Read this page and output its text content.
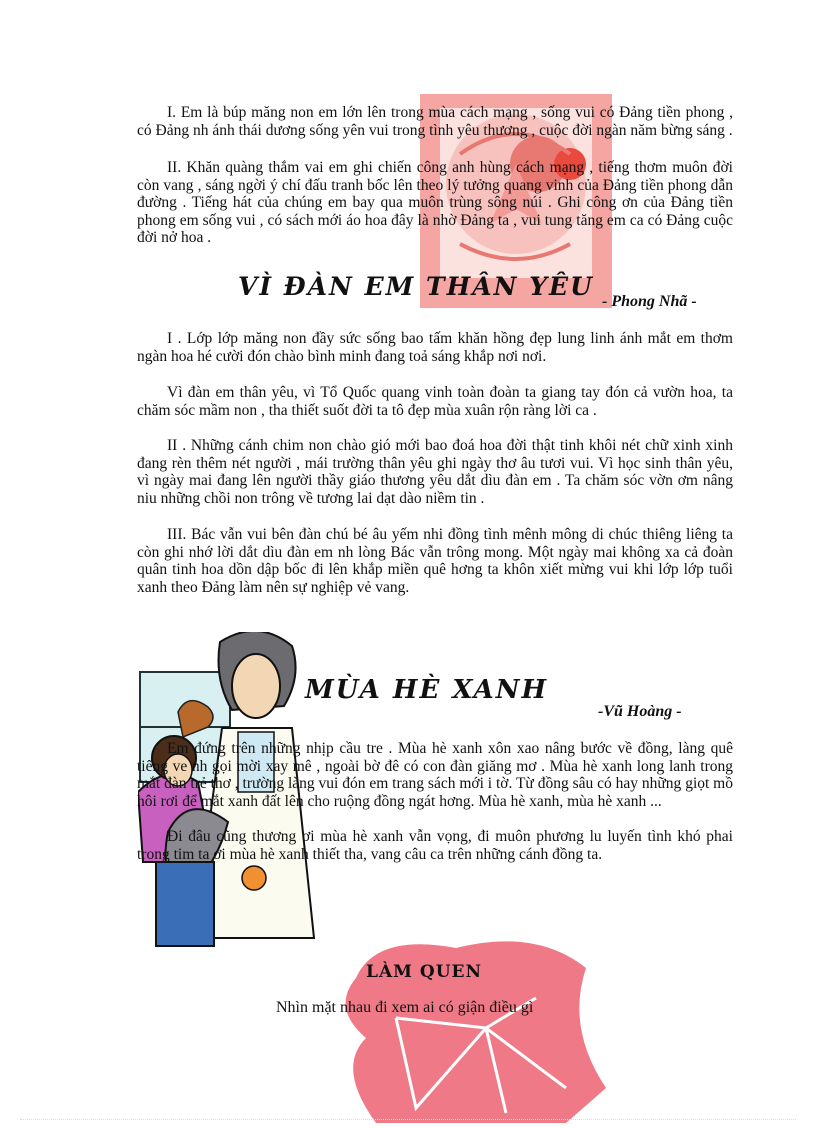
I. Em là búp măng non em lớn lên trong mùa cách mạng , sống vui có Đảng tiền phong , có Đảng nh ánh thái dương sống yên vui trong tình yêu thương , cuộc đời ngàn năm bừng sáng .

II. Khăn quàng thắm vai em ghi chiến công anh hùng cách mạng , tiếng thơm muôn đời còn vang , sáng ngời ý chí đấu tranh bốc lên theo lý tưởng quang vinh của Đảng tiền phong dẫn đường . Tiếng hát của chúng em bay qua muôn trùng sông núi . Ghi công ơn của Đảng tiền phong em sống vui , có sách mới áo hoa đây là nhờ Đảng ta , vui tung tăng em ca có Đảng cuộc đời nở hoa .

VÌ ĐÀN EM THÂN YÊU
- Phong Nhã -

I . Lớp lớp măng non đầy sức sống bao tấm khăn hồng đẹp lung linh ánh mắt em thơm ngàn hoa hé cười đón chào bình minh đang toả sáng khắp nơi nơi.

Vì đàn em thân yêu, vì Tổ Quốc quang vinh toàn đoàn ta giang tay đón cả vườn hoa, ta chăm sóc mầm non , tha thiết suốt đời ta tô đẹp mùa xuân rộn ràng lời ca .

II . Những cánh chim non chào gió mới bao đoá hoa đời thật tinh khôi nét chữ xinh xinh đang rèn thêm nét người , mái trường thân yêu ghi ngày thơ âu tươi vui. Vì học sinh thân yêu, vì ngày mai đang lên người thầy giáo thương yêu dắt dìu đàn em . Ta chăm sóc vờn ơm nâng niu những chồi non trông về tương lai dạt dào niềm tin .

III. Bác vẫn vui bên đàn chú bé âu yếm nhi đồng tình mênh mông di chúc thiêng liêng ta còn ghi nhớ lời dắt dìu đàn em nh lòng Bác vẫn trông mong. Một ngày mai không xa cả đoàn quân tinh hoa dồn dập bốc đi lên khắp miền quê hơng ta khôn xiết mừng vui khi lớp lớp tuổi xanh theo Đảng làm nên sự nghiệp vẻ vang.

MÙA HÈ XANH
-Vũ Hoàng -

Em đứng trên những nhịp cầu tre . Mùa hè xanh xôn xao nâng bước về đồng, làng quê tiếng ve nh gọi mời xay mê , ngoài bờ đê có con đàn giăng mơ . Mùa hè xanh long lanh trong mắt đàn trẻ thơ , trường làng vui đón em trang sách mới i tờ. Từ đồng sâu có hay những giọt mồ hôi rơi để mắt xanh đất lên cho ruộng đồng ngát hơng. Mùa hè xanh, mùa hè xanh ...

Đi đâu cũng thương ơi mùa hè xanh vẫn vọng, đi muôn phương lu luyến tình khó phai trong tim ta ơi mùa hè xanh thiết tha, vang câu ca trên những cánh đồng ta.

LÀM QUEN
Nhìn mặt nhau đi xem ai có giận điều gì
